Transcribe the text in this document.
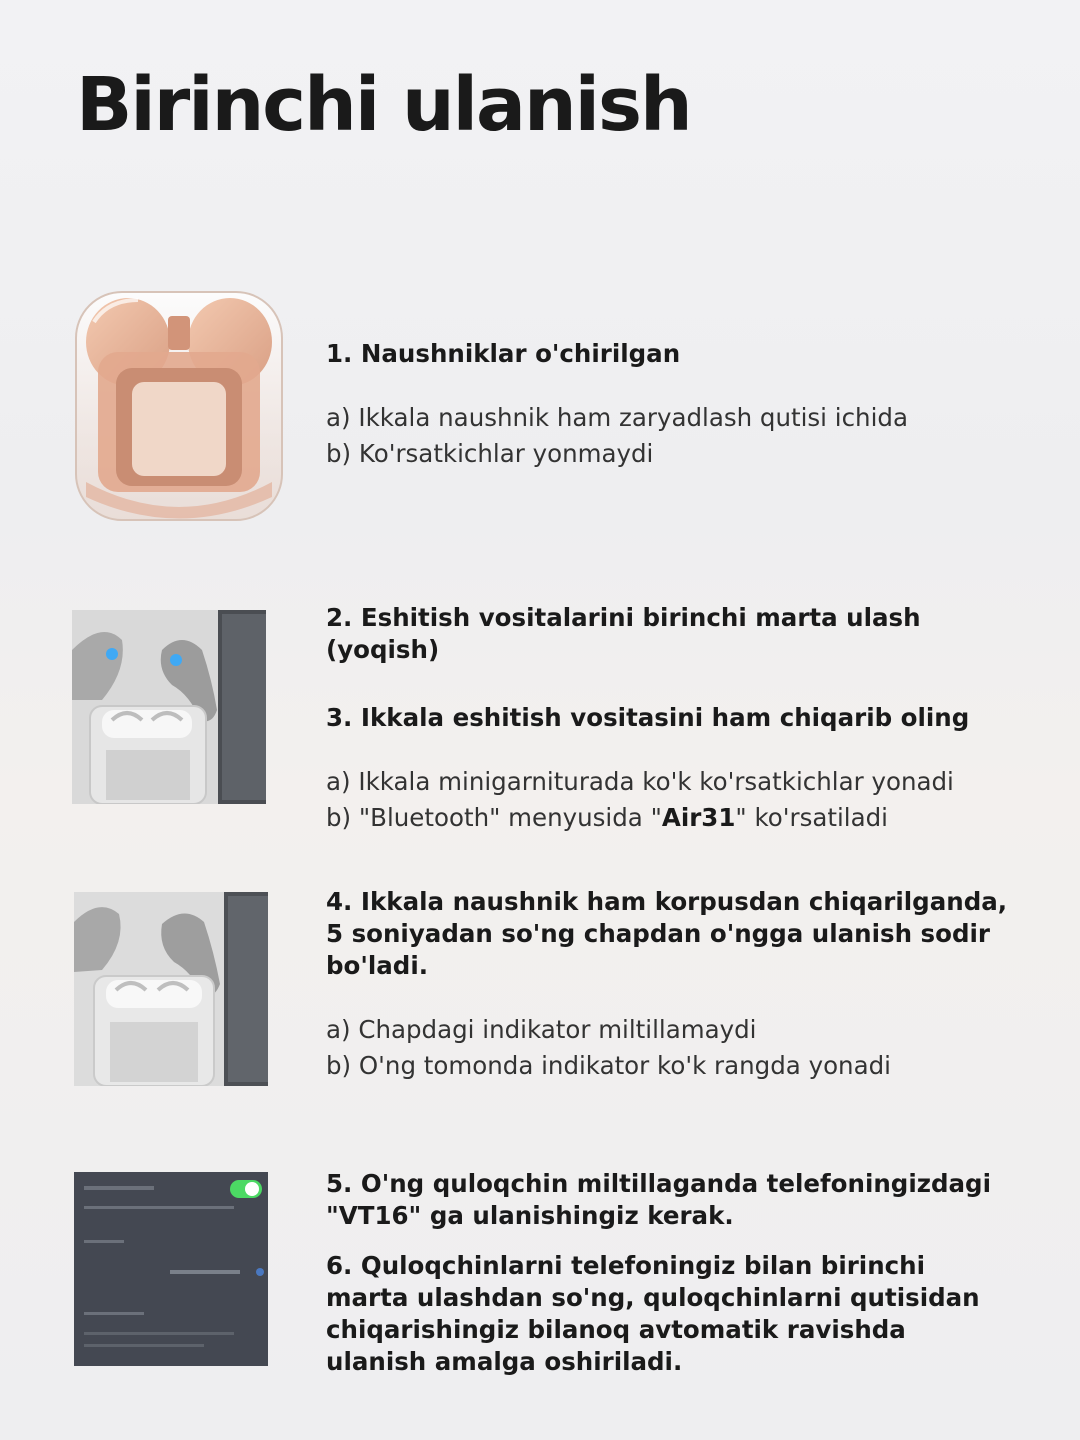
Birinchi ulanish

1. Naushniklar o'chirilgan

a) Ikkala naushnik ham zaryadlash qutisi ichida

b) Ko'rsatkichlar yonmaydi

2. Eshitish vositalarini birinchi marta ulash (yoqish)

3. Ikkala eshitish vositasini ham chiqarib oling

a) Ikkala minigarniturada ko'k ko'rsatkichlar yonadi

b) "Bluetooth" menyusida "Air31" ko'rsatiladi

4. Ikkala naushnik ham korpusdan chiqarilganda, 5 soniyadan so'ng chapdan o'ngga ulanish sodir bo'ladi.

a) Chapdagi indikator miltillamaydi

b) O'ng tomonda indikator ko'k rangda yonadi

5. O'ng quloqchin miltillaganda telefoningizdagi "VT16" ga ulanishingiz kerak.

6. Quloqchinlarni telefoningiz bilan birinchi marta ulashdan so'ng, quloqchinlarni qutisidan chiqarishingiz bilanoq avtomatik ravishda ulanish amalga oshiriladi.
